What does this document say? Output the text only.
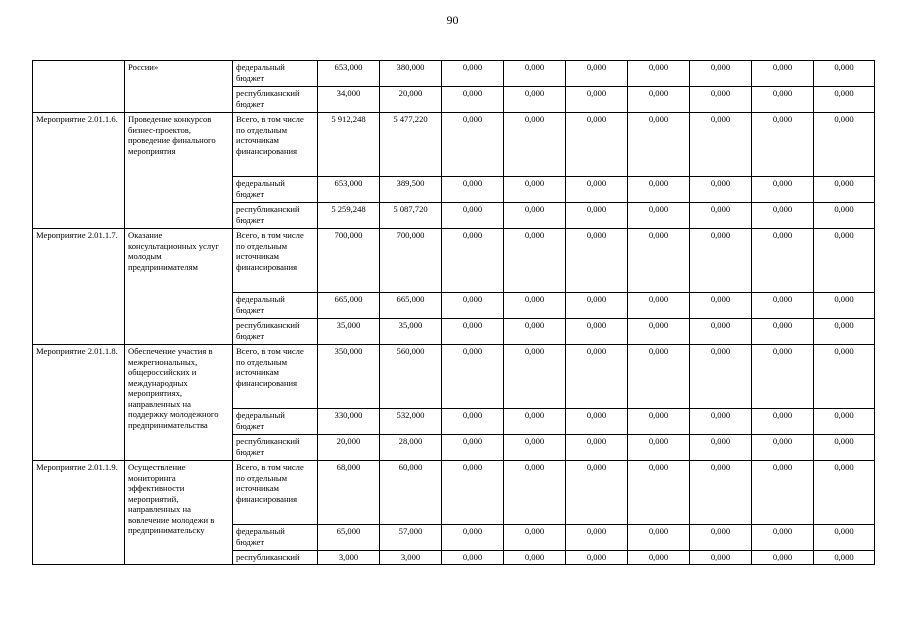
90
	России»	федеральный бюджет	653,000	380,000	0,000	0,000	0,000	0,000	0,000	0,000	0,000
		республиканский бюджет	34,000	20,000	0,000	0,000	0,000	0,000	0,000	0,000	0,000
Мероприятие 2.01.1.6.	Проведение конкурсов бизнес-проектов, проведение финального мероприятия	Всего, в том числе по отдельным источникам финансирования	5 912,248	5 477,220	0,000	0,000	0,000	0,000	0,000	0,000	0,000
		федеральный бюджет	653,000	389,500	0,000	0,000	0,000	0,000	0,000	0,000	0,000
		республиканский бюджет	5 259,248	5 087,720	0,000	0,000	0,000	0,000	0,000	0,000	0,000
Мероприятие 2.01.1.7.	Оказание консультационных услуг молодым предпринимателям	Всего, в том числе по отдельным источникам финансирования	700,000	700,000	0,000	0,000	0,000	0,000	0,000	0,000	0,000
		федеральный бюджет	665,000	665,000	0,000	0,000	0,000	0,000	0,000	0,000	0,000
		республиканский бюджет	35,000	35,000	0,000	0,000	0,000	0,000	0,000	0,000	0,000
Мероприятие 2.01.1.8.	Обеспечение участия в межрегиональных, общероссийских и международных мероприятиях, направленных на поддержку молодежного предпринимательства	Всего, в том числе по отдельным источникам финансирования	350,000	560,000	0,000	0,000	0,000	0,000	0,000	0,000	0,000
		федеральный бюджет	330,000	532,000	0,000	0,000	0,000	0,000	0,000	0,000	0,000
		республиканский бюджет	20,000	28,000	0,000	0,000	0,000	0,000	0,000	0,000	0,000
Мероприятие 2.01.1.9.	Осуществление мониторинга эффективности мероприятий, направленных на вовлечение молодежи в предпринимательску	Всего, в том числе по отдельным источникам финансирования	68,000	60,000	0,000	0,000	0,000	0,000	0,000	0,000	0,000
		федеральный бюджет	65,000	57,000	0,000	0,000	0,000	0,000	0,000	0,000	0,000
		республиканский	3,000	3,000	0,000	0,000	0,000	0,000	0,000	0,000	0,000
